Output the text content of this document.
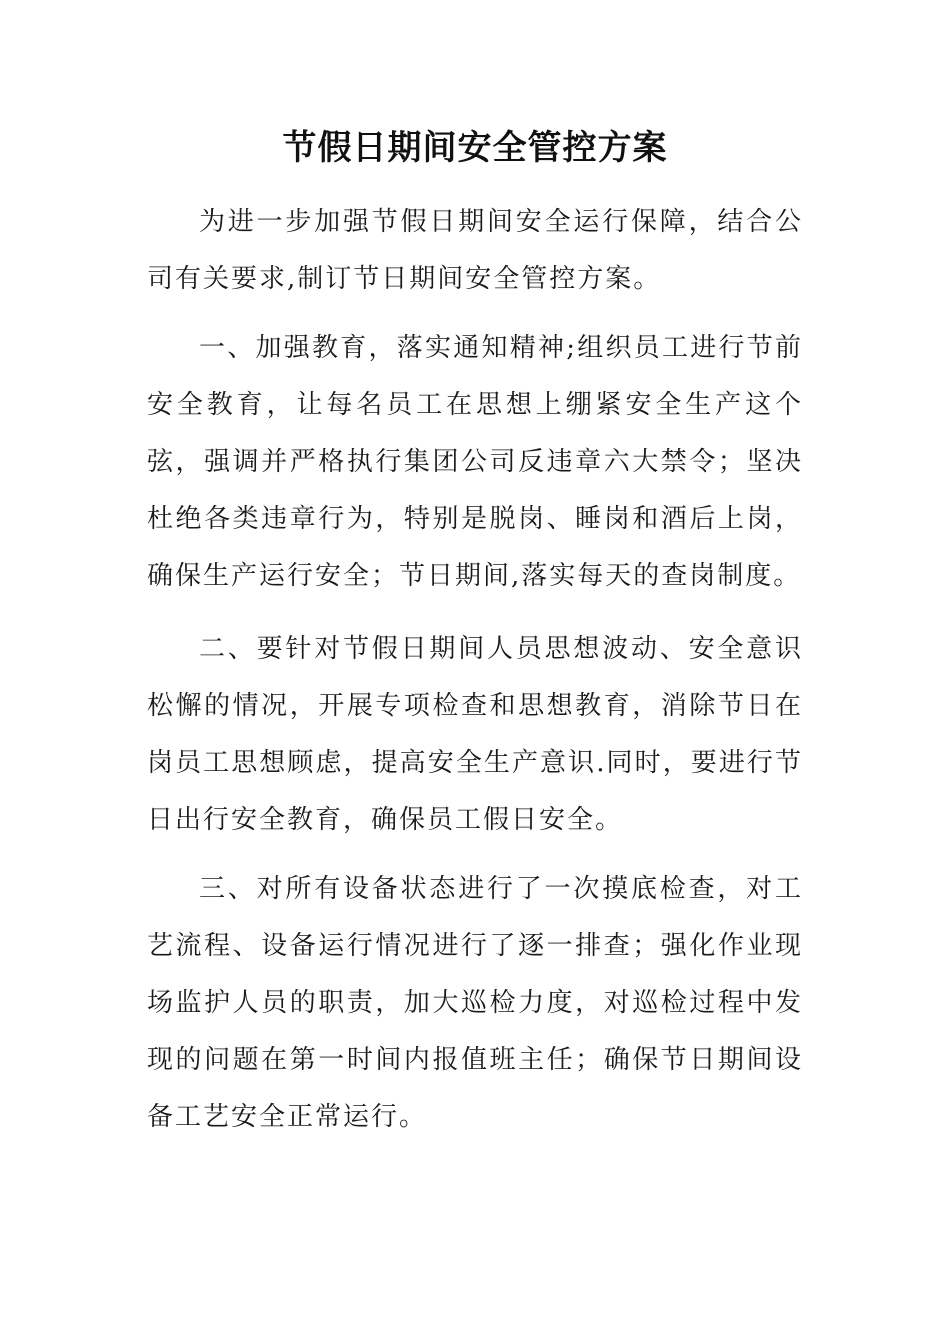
节假日期间安全管控方案

为进一步加强节假日期间安全运行保障，结合公司有关要求,制订节日期间安全管控方案。

一、加强教育，落实通知精神;组织员工进行节前安全教育，让每名员工在思想上绷紧安全生产这个弦，强调并严格执行集团公司反违章六大禁令；坚决杜绝各类违章行为，特别是脱岗、睡岗和酒后上岗，确保生产运行安全；节日期间,落实每天的查岗制度。

二、要针对节假日期间人员思想波动、安全意识松懈的情况，开展专项检查和思想教育，消除节日在岗员工思想顾虑，提高安全生产意识.同时，要进行节日出行安全教育，确保员工假日安全。

三、对所有设备状态进行了一次摸底检查，对工艺流程、设备运行情况进行了逐一排查；强化作业现场监护人员的职责，加大巡检力度，对巡检过程中发现的问题在第一时间内报值班主任；确保节日期间设备工艺安全正常运行。
